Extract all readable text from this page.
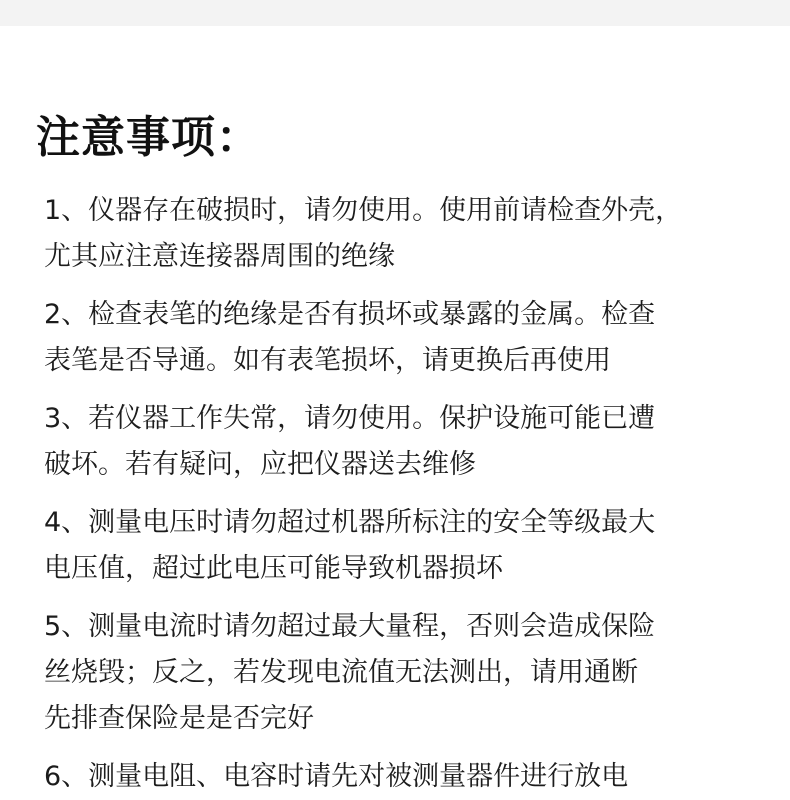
注意事项：
1、仪器存在破损时，请勿使用。使用前请检查外壳，
尤其应注意连接器周围的绝缘
2、检查表笔的绝缘是否有损坏或暴露的金属。检查
表笔是否导通。如有表笔损坏，请更换后再使用
3、若仪器工作失常，请勿使用。保护设施可能已遭
破坏。若有疑问，应把仪器送去维修
4、测量电压时请勿超过机器所标注的安全等级最大
电压值，超过此电压可能导致机器损坏
5、测量电流时请勿超过最大量程，否则会造成保险
丝烧毁；反之，若发现电流值无法测出，请用通断
先排查保险是是否完好
6、测量电阻、电容时请先对被测量器件进行放电
